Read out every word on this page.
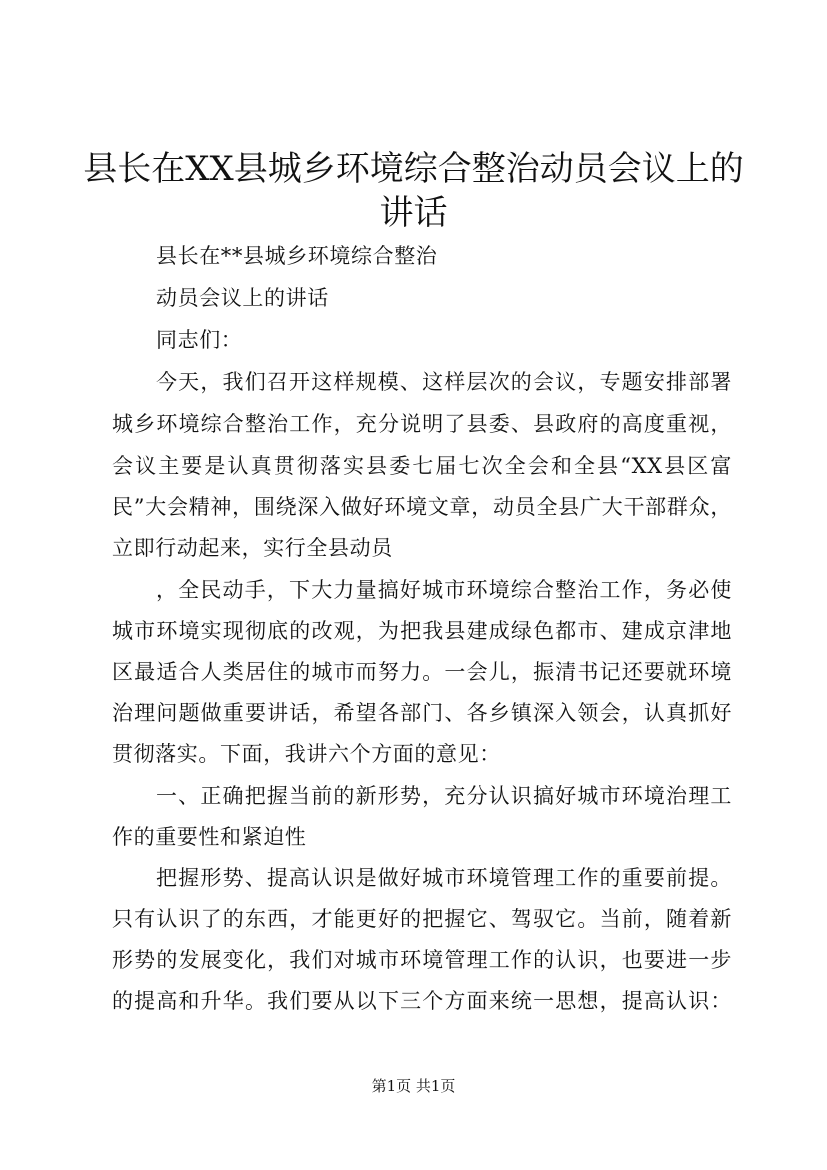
县长在XX县城乡环境综合整治动员会议上的
讲话
县长在**县城乡环境综合整治
动员会议上的讲话
同志们：
今天，我们召开这样规模、这样层次的会议，专题安排部署
城乡环境综合整治工作，充分说明了县委、县政府的高度重视，
会议主要是认真贯彻落实县委七届七次全会和全县“XX县区富
民”大会精神，围绕深入做好环境文章，动员全县广大干部群众，
立即行动起来，实行全县动员
，全民动手，下大力量搞好城市环境综合整治工作，务必使
城市环境实现彻底的改观，为把我县建成绿色都市、建成京津地
区最适合人类居住的城市而努力。一会儿，振清书记还要就环境
治理问题做重要讲话，希望各部门、各乡镇深入领会，认真抓好
贯彻落实。下面，我讲六个方面的意见：
一、正确把握当前的新形势，充分认识搞好城市环境治理工
作的重要性和紧迫性
把握形势、提高认识是做好城市环境管理工作的重要前提。
只有认识了的东西，才能更好的把握它、驾驭它。当前，随着新
形势的发展变化，我们对城市环境管理工作的认识，也要进一步
的提高和升华。我们要从以下三个方面来统一思想，提高认识：
第1页 共1页
